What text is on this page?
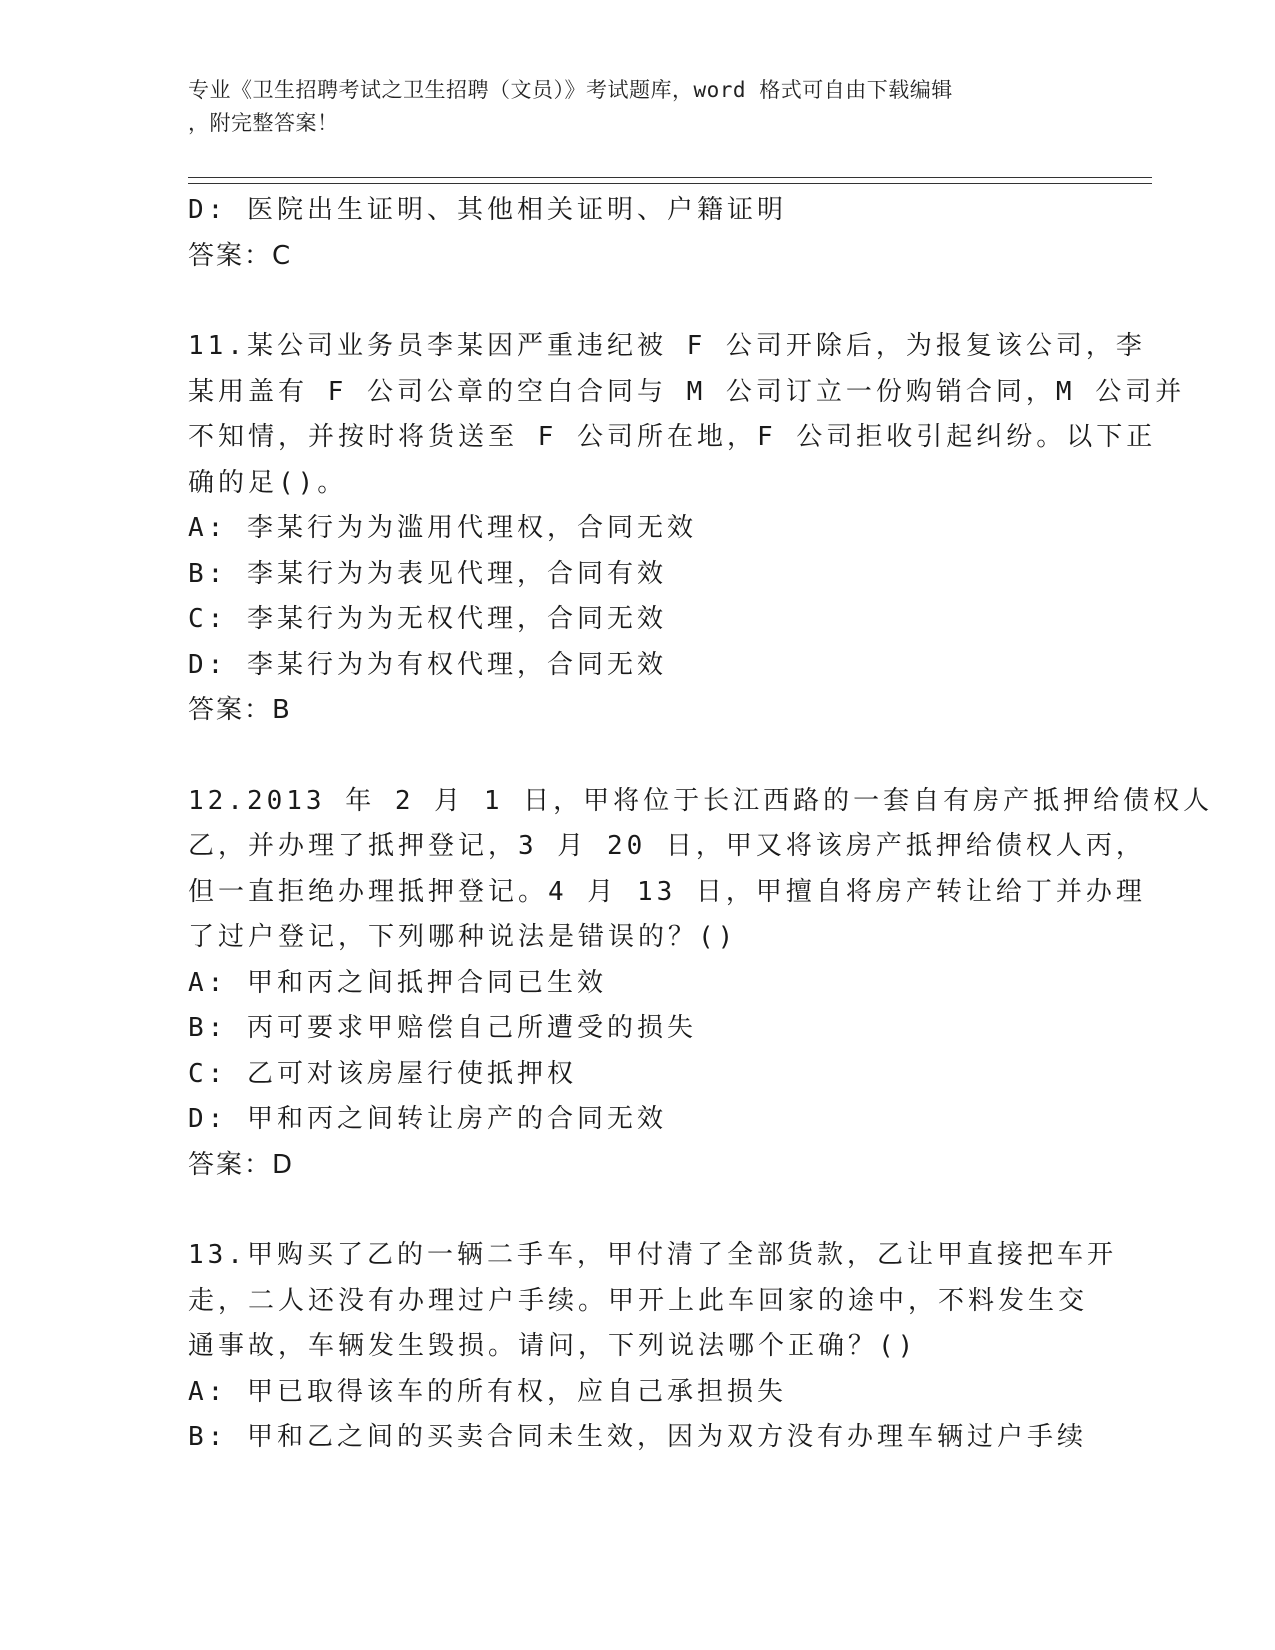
专业《卫生招聘考试之卫生招聘（文员）》考试题库，word 格式可自由下载编辑
，附完整答案！
D: 医院出生证明、其他相关证明、户籍证明
答案：C
11.某公司业务员李某因严重违纪被 F 公司开除后，为报复该公司，李
某用盖有 F 公司公章的空白合同与 M 公司订立一份购销合同，M 公司并
不知情，并按时将货送至 F 公司所在地，F 公司拒收引起纠纷。以下正
确的足()。
A: 李某行为为滥用代理权，合同无效
B: 李某行为为表见代理，合同有效
C: 李某行为为无权代理，合同无效
D: 李某行为为有权代理，合同无效
答案：B
12.2013 年 2 月 1 日，甲将位于长江西路的一套自有房产抵押给债权人
乙，并办理了抵押登记，3 月 20 日，甲又将该房产抵押给债权人丙，
但一直拒绝办理抵押登记。4 月 13 日，甲擅自将房产转让给丁并办理
了过户登记，下列哪种说法是错误的？()
A: 甲和丙之间抵押合同已生效
B: 丙可要求甲赔偿自己所遭受的损失
C: 乙可对该房屋行使抵押权
D: 甲和丙之间转让房产的合同无效
答案：D
13.甲购买了乙的一辆二手车，甲付清了全部货款，乙让甲直接把车开
走，二人还没有办理过户手续。甲开上此车回家的途中，不料发生交
通事故，车辆发生毁损。请问，下列说法哪个正确？()
A: 甲已取得该车的所有权，应自己承担损失
B: 甲和乙之间的买卖合同未生效，因为双方没有办理车辆过户手续
